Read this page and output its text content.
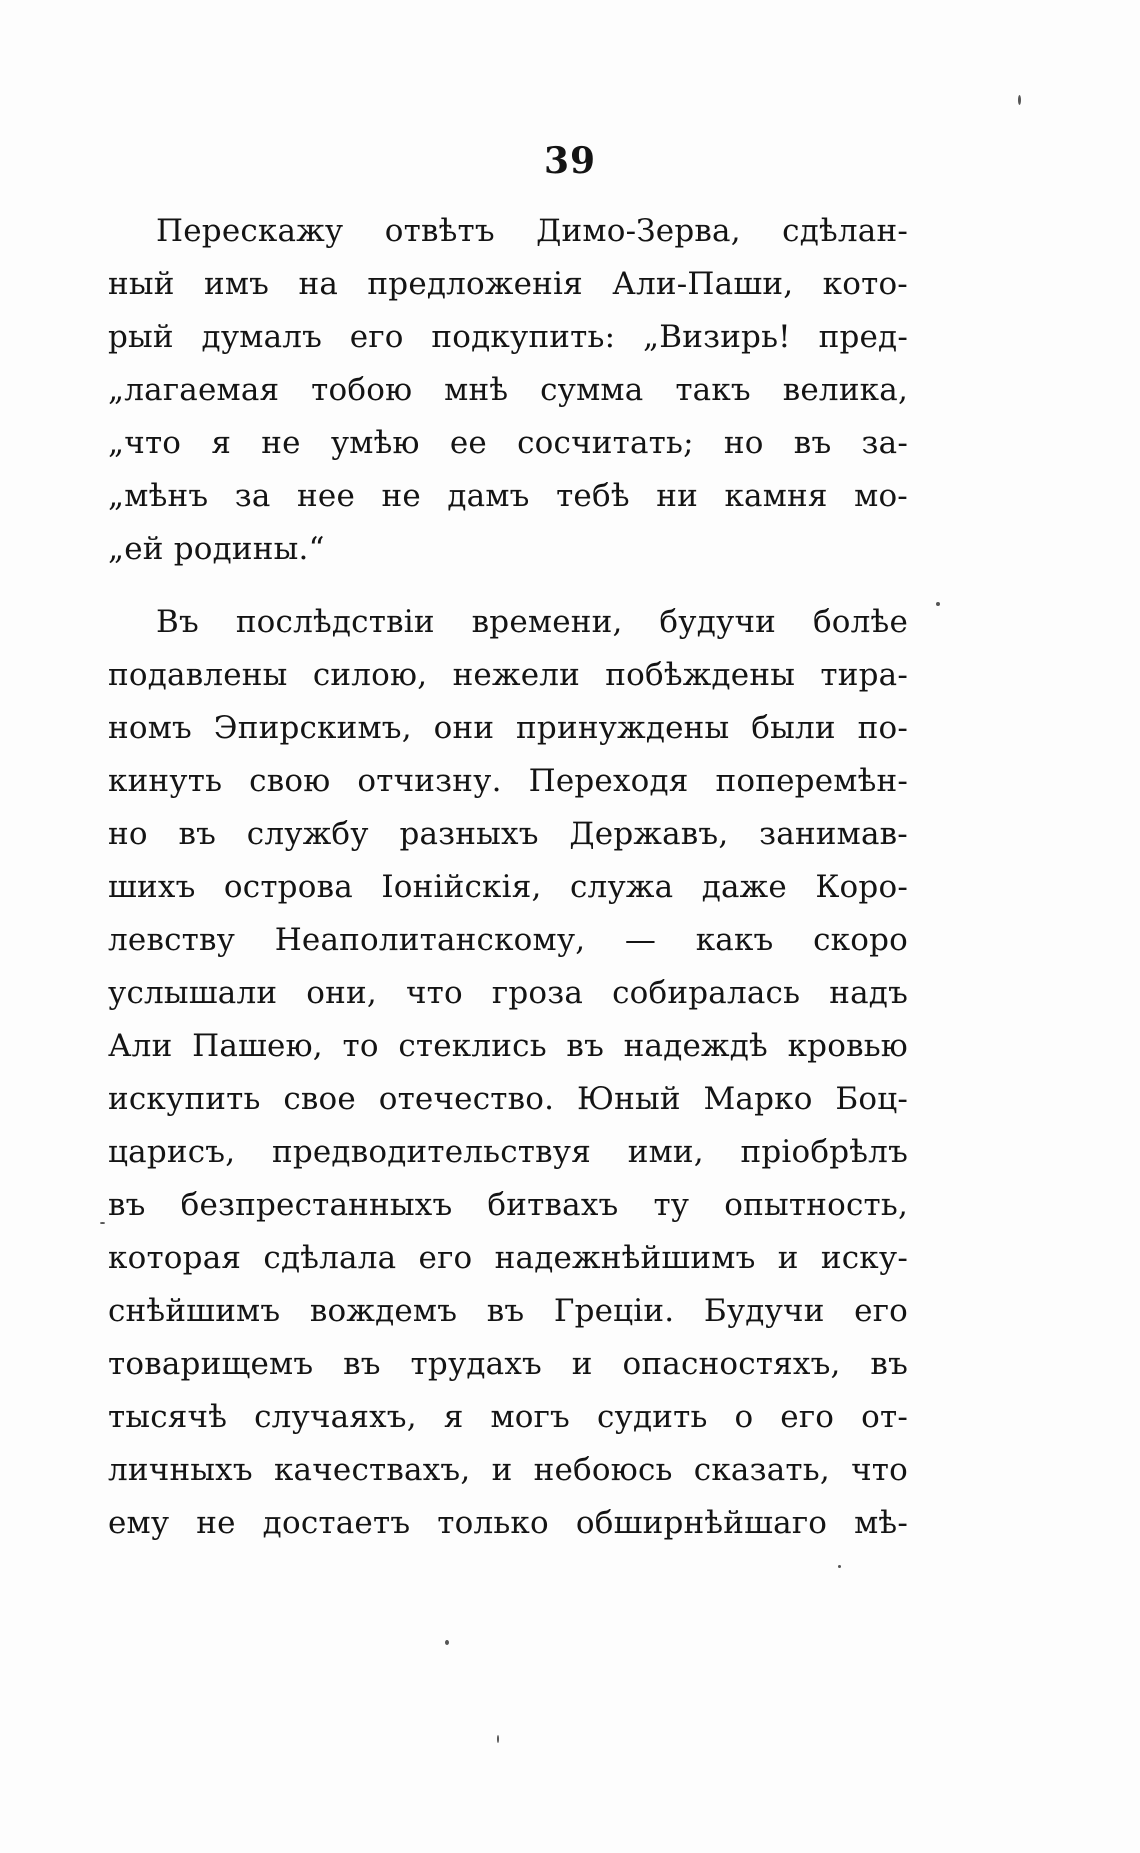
39

Перескажу отвѣтъ Димо-Зерва, сдѣлан-
ный имъ на предложенія Али-Паши, кото-
рый думалъ его подкупить: „Визирь! пред-
„лагаемая тобою мнѣ сумма такъ велика,
„что я не умѣю ее сосчитать; но въ за-
„мѣнъ за нее не дамъ тебѣ ни камня мо-
„ей родины.“

Въ послѣдствіи времени, будучи болѣе
подавлены силою, нежели побѣждены тира-
номъ Эпирскимъ, они принуждены были по-
кинуть свою отчизну. Переходя поперемѣн-
но въ службу разныхъ Державъ, занимав-
шихъ острова Іонійскія, служа даже Коро-
левству Неаполитанскому, — какъ скоро
услышали они, что гроза собиралась надъ
Али Пашею, то стеклись въ надеждѣ кровью
искупить свое отечество. Юный Марко Боц-
царисъ, предводительствуя ими, пріобрѣлъ
въ безпрестанныхъ битвахъ ту опытность,
которая сдѣлала его надежнѣйшимъ и иску-
снѣйшимъ вождемъ въ Греціи. Будучи его
товарищемъ въ трудахъ и опасностяхъ, въ
тысячѣ случаяхъ, я могъ судить о его от-
личныхъ качествахъ, и небоюсь сказать, что
ему не достаетъ только обширнѣйшаго мѣ-
